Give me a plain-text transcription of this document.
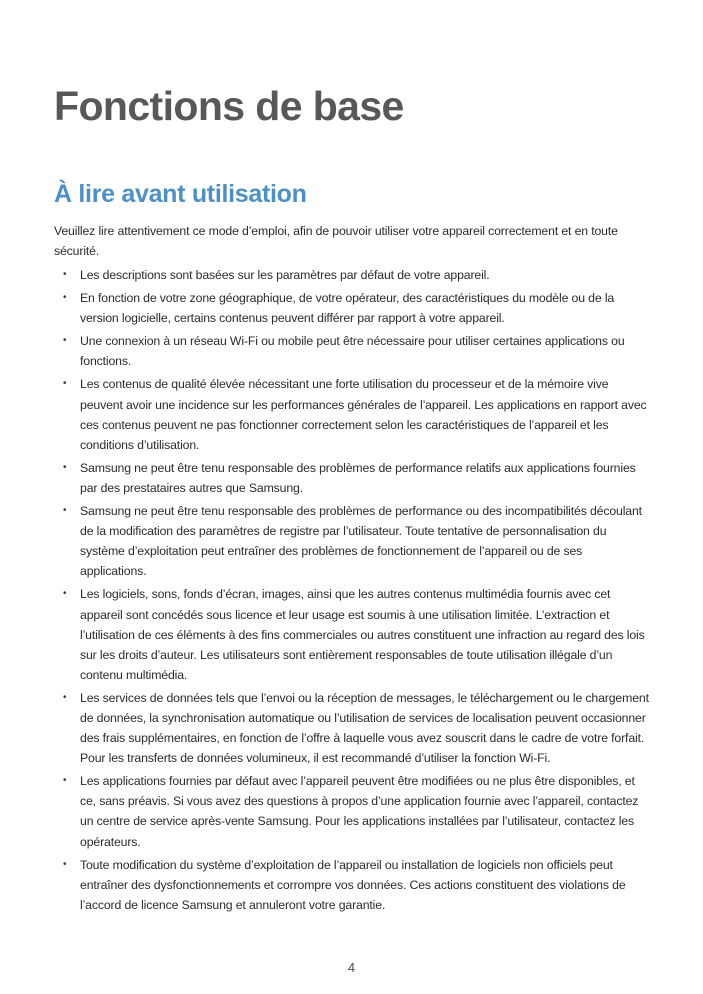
Fonctions de base
À lire avant utilisation

Veuillez lire attentivement ce mode d’emploi, afin de pouvoir utiliser votre appareil correctement et en toute sécurité.

• Les descriptions sont basées sur les paramètres par défaut de votre appareil.
• En fonction de votre zone géographique, de votre opérateur, des caractéristiques du modèle ou de la version logicielle, certains contenus peuvent différer par rapport à votre appareil.
• Une connexion à un réseau Wi-Fi ou mobile peut être nécessaire pour utiliser certaines applications ou fonctions.
• Les contenus de qualité élevée nécessitant une forte utilisation du processeur et de la mémoire vive peuvent avoir une incidence sur les performances générales de l’appareil. Les applications en rapport avec ces contenus peuvent ne pas fonctionner correctement selon les caractéristiques de l’appareil et les conditions d’utilisation.
• Samsung ne peut être tenu responsable des problèmes de performance relatifs aux applications fournies par des prestataires autres que Samsung.
• Samsung ne peut être tenu responsable des problèmes de performance ou des incompatibilités découlant de la modification des paramètres de registre par l’utilisateur. Toute tentative de personnalisation du système d’exploitation peut entraîner des problèmes de fonctionnement de l’appareil ou de ses applications.
• Les logiciels, sons, fonds d’écran, images, ainsi que les autres contenus multimédia fournis avec cet appareil sont concédés sous licence et leur usage est soumis à une utilisation limitée. L’extraction et l’utilisation de ces éléments à des fins commerciales ou autres constituent une infraction au regard des lois sur les droits d’auteur. Les utilisateurs sont entièrement responsables de toute utilisation illégale d’un contenu multimédia.
• Les services de données tels que l’envoi ou la réception de messages, le téléchargement ou le chargement de données, la synchronisation automatique ou l’utilisation de services de localisation peuvent occasionner des frais supplémentaires, en fonction de l’offre à laquelle vous avez souscrit dans le cadre de votre forfait. Pour les transferts de données volumineux, il est recommandé d’utiliser la fonction Wi-Fi.
• Les applications fournies par défaut avec l’appareil peuvent être modifiées ou ne plus être disponibles, et ce, sans préavis. Si vous avez des questions à propos d’une application fournie avec l’appareil, contactez un centre de service après-vente Samsung. Pour les applications installées par l’utilisateur, contactez les opérateurs.
• Toute modification du système d’exploitation de l’appareil ou installation de logiciels non officiels peut entraîner des dysfonctionnements et corrompre vos données. Ces actions constituent des violations de l’accord de licence Samsung et annuleront votre garantie.
4
